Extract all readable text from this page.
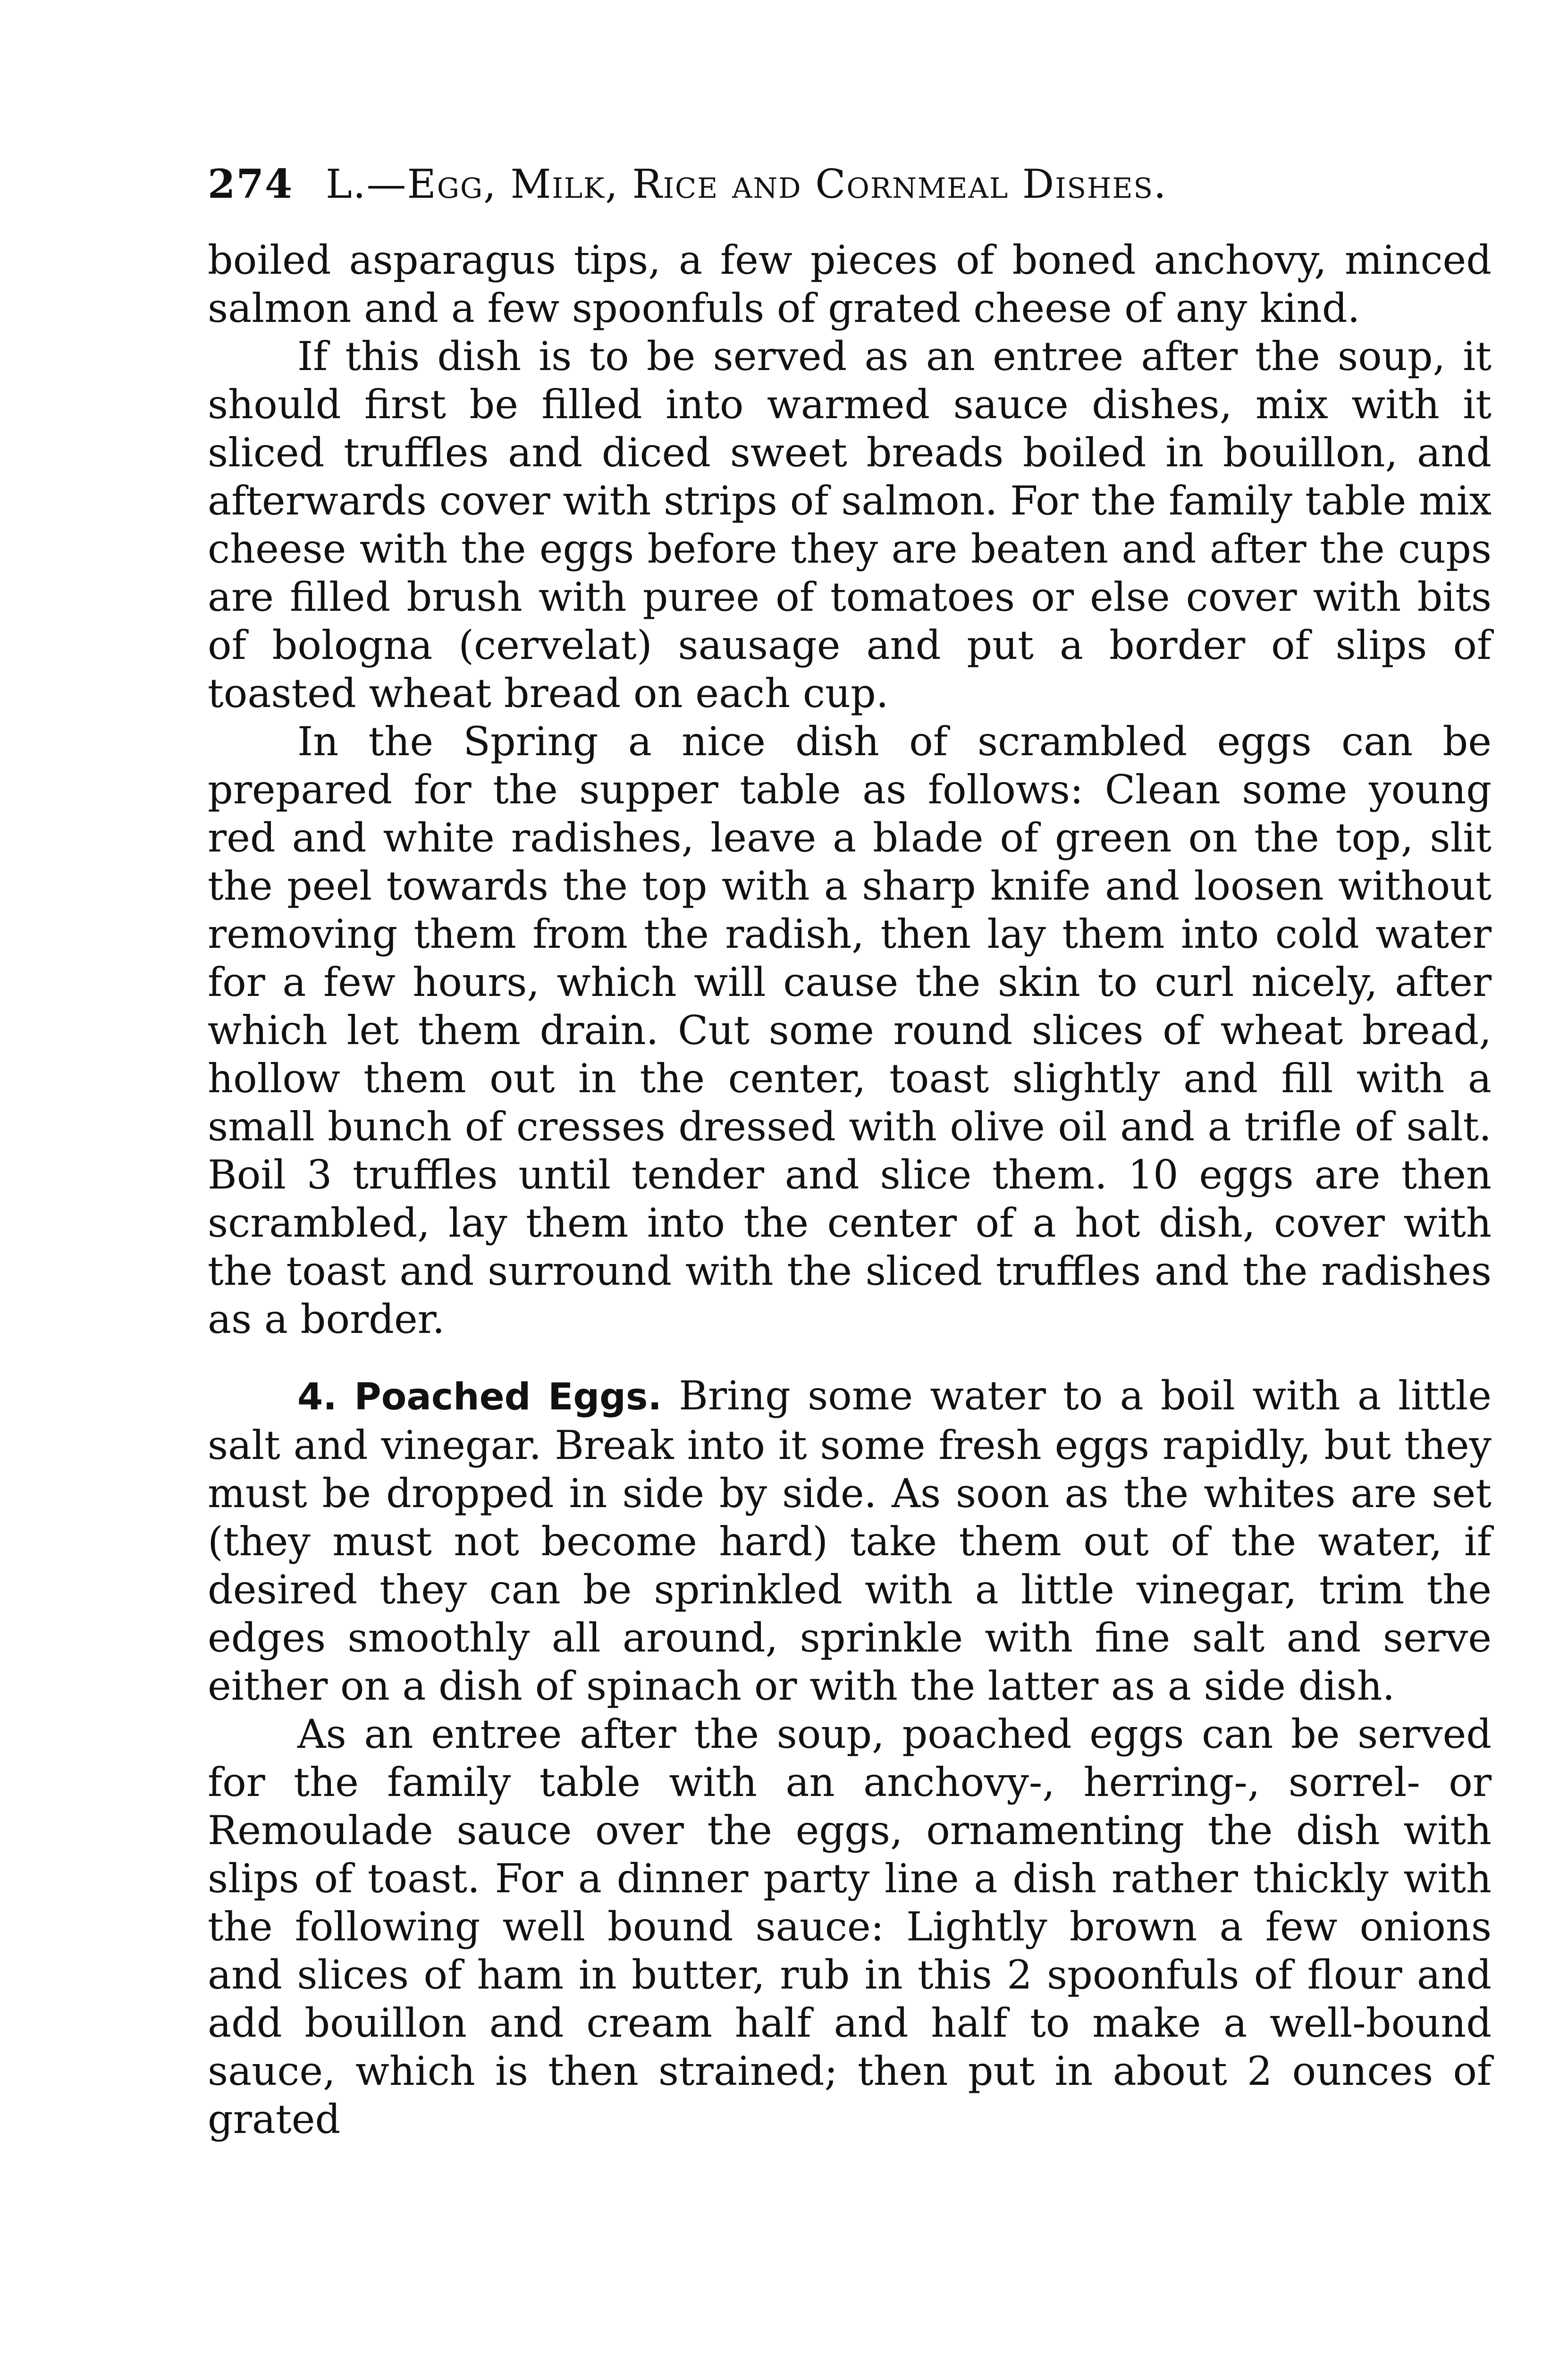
274 L.—Egg, Milk, Rice and Cornmeal Dishes.

boiled asparagus tips, a few pieces of boned anchovy, minced salmon and a few spoonfuls of grated cheese of any kind.

If this dish is to be served as an entree after the soup, it should first be filled into warmed sauce dishes, mix with it sliced truffles and diced sweet breads boiled in bouillon, and afterwards cover with strips of salmon. For the family table mix cheese with the eggs before they are beaten and after the cups are filled brush with puree of tomatoes or else cover with bits of bologna (cervelat) sausage and put a border of slips of toasted wheat bread on each cup.

In the Spring a nice dish of scrambled eggs can be prepared for the supper table as follows: Clean some young red and white radishes, leave a blade of green on the top, slit the peel towards the top with a sharp knife and loosen without removing them from the radish, then lay them into cold water for a few hours, which will cause the skin to curl nicely, after which let them drain. Cut some round slices of wheat bread, hollow them out in the center, toast slightly and fill with a small bunch of cresses dressed with olive oil and a trifle of salt. Boil 3 truffles until tender and slice them. 10 eggs are then scrambled, lay them into the center of a hot dish, cover with the toast and surround with the sliced truffles and the radishes as a border.

4. Poached Eggs. Bring some water to a boil with a little salt and vinegar. Break into it some fresh eggs rapidly, but they must be dropped in side by side. As soon as the whites are set (they must not become hard) take them out of the water, if desired they can be sprinkled with a little vinegar, trim the edges smoothly all around, sprinkle with fine salt and serve either on a dish of spinach or with the latter as a side dish.

As an entree after the soup, poached eggs can be served for the family table with an anchovy-, herring-, sorrel- or Remoulade sauce over the eggs, ornamenting the dish with slips of toast. For a dinner party line a dish rather thickly with the following well bound sauce: Lightly brown a few onions and slices of ham in butter, rub in this 2 spoonfuls of flour and add bouillon and cream half and half to make a well-bound sauce, which is then strained; then put in about 2 ounces of grated
